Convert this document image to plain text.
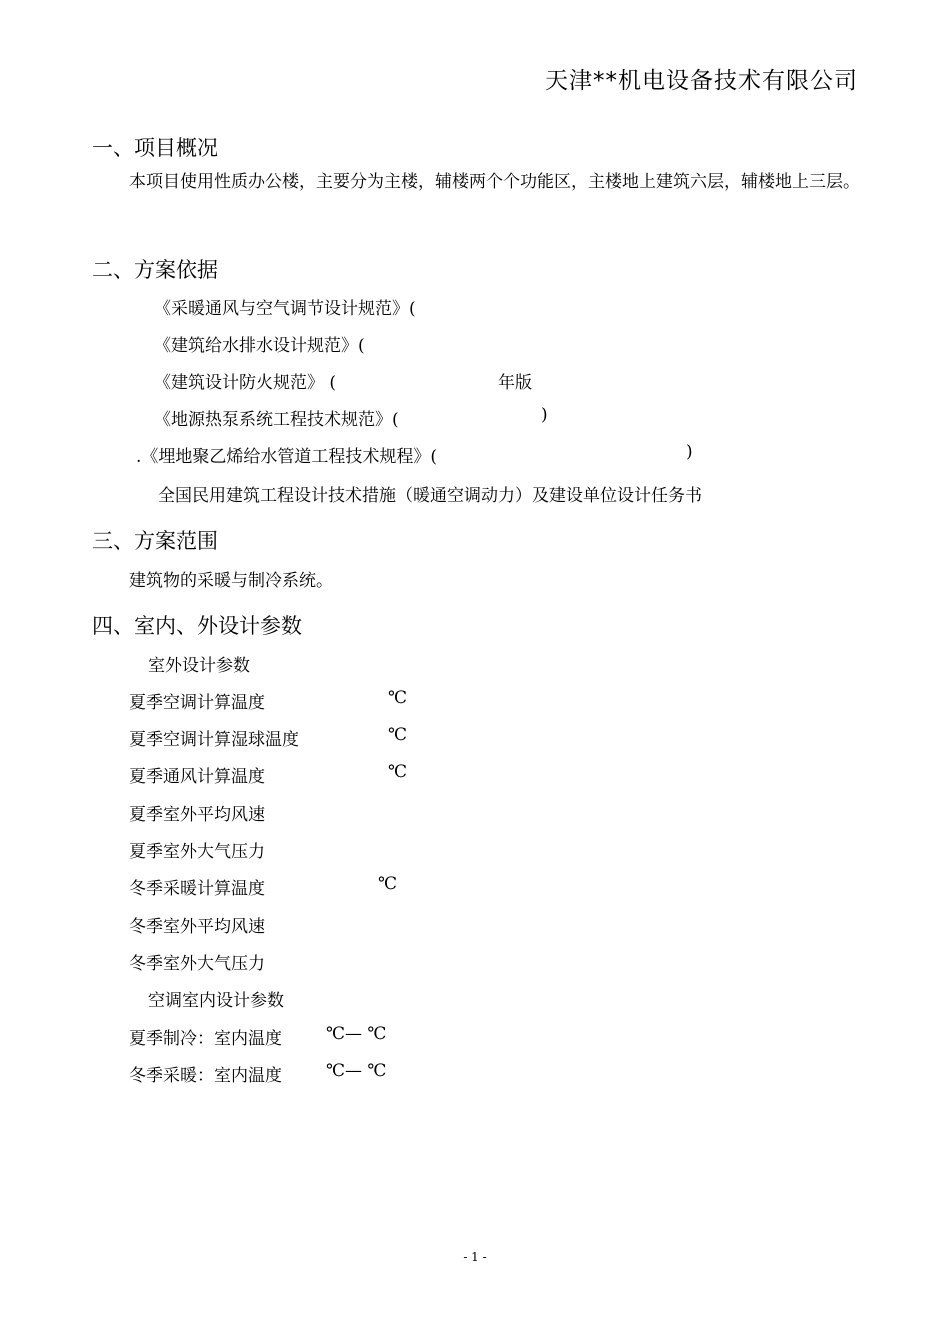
天津**机电设备技术有限公司
一、项目概况
本项目使用性质办公楼，主要分为主楼，辅楼两个个功能区，主楼地上建筑六层，辅楼地上三层。
二、方案依据
《采暖通风与空气调节设计规范》(
《建筑给水排水设计规范》(
《建筑设计防火规范》 (	年版
《地源热泵系统工程技术规范》(	)
.《埋地聚乙烯给水管道工程技术规程》(	)
全国民用建筑工程设计技术措施（暖通空调动力）及建设单位设计任务书
三、方案范围
建筑物的采暖与制冷系统。
四、室内、外设计参数
室外设计参数
夏季空调计算温度	℃
夏季空调计算湿球温度	℃
夏季通风计算温度	℃
夏季室外平均风速
夏季室外大气压力
冬季采暖计算温度	℃
冬季室外平均风速
冬季室外大气压力
空调室内设计参数
夏季制冷：室内温度	℃— ℃
冬季采暖：室内温度	℃— ℃
- 1 -
